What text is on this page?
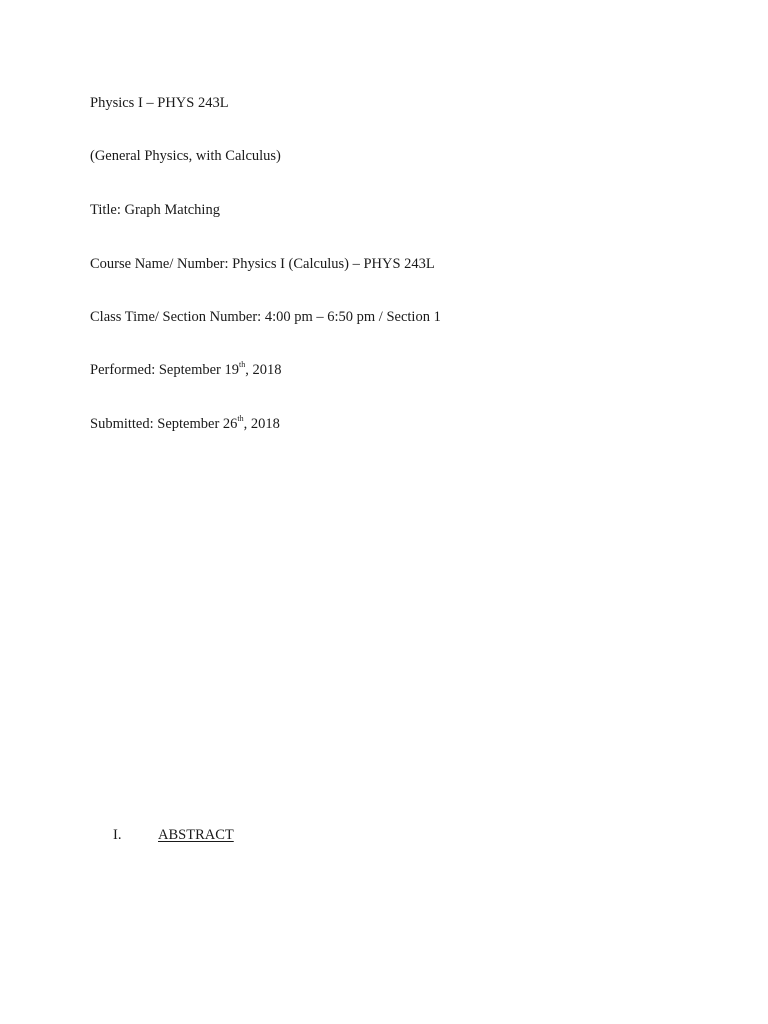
Physics I – PHYS 243L
(General Physics, with Calculus)
Title: Graph Matching
Course Name/ Number: Physics I (Calculus) – PHYS 243L
Class Time/ Section Number: 4:00 pm – 6:50 pm / Section 1
Performed: September 19th, 2018
Submitted: September 26th, 2018
I.	ABSTRACT
